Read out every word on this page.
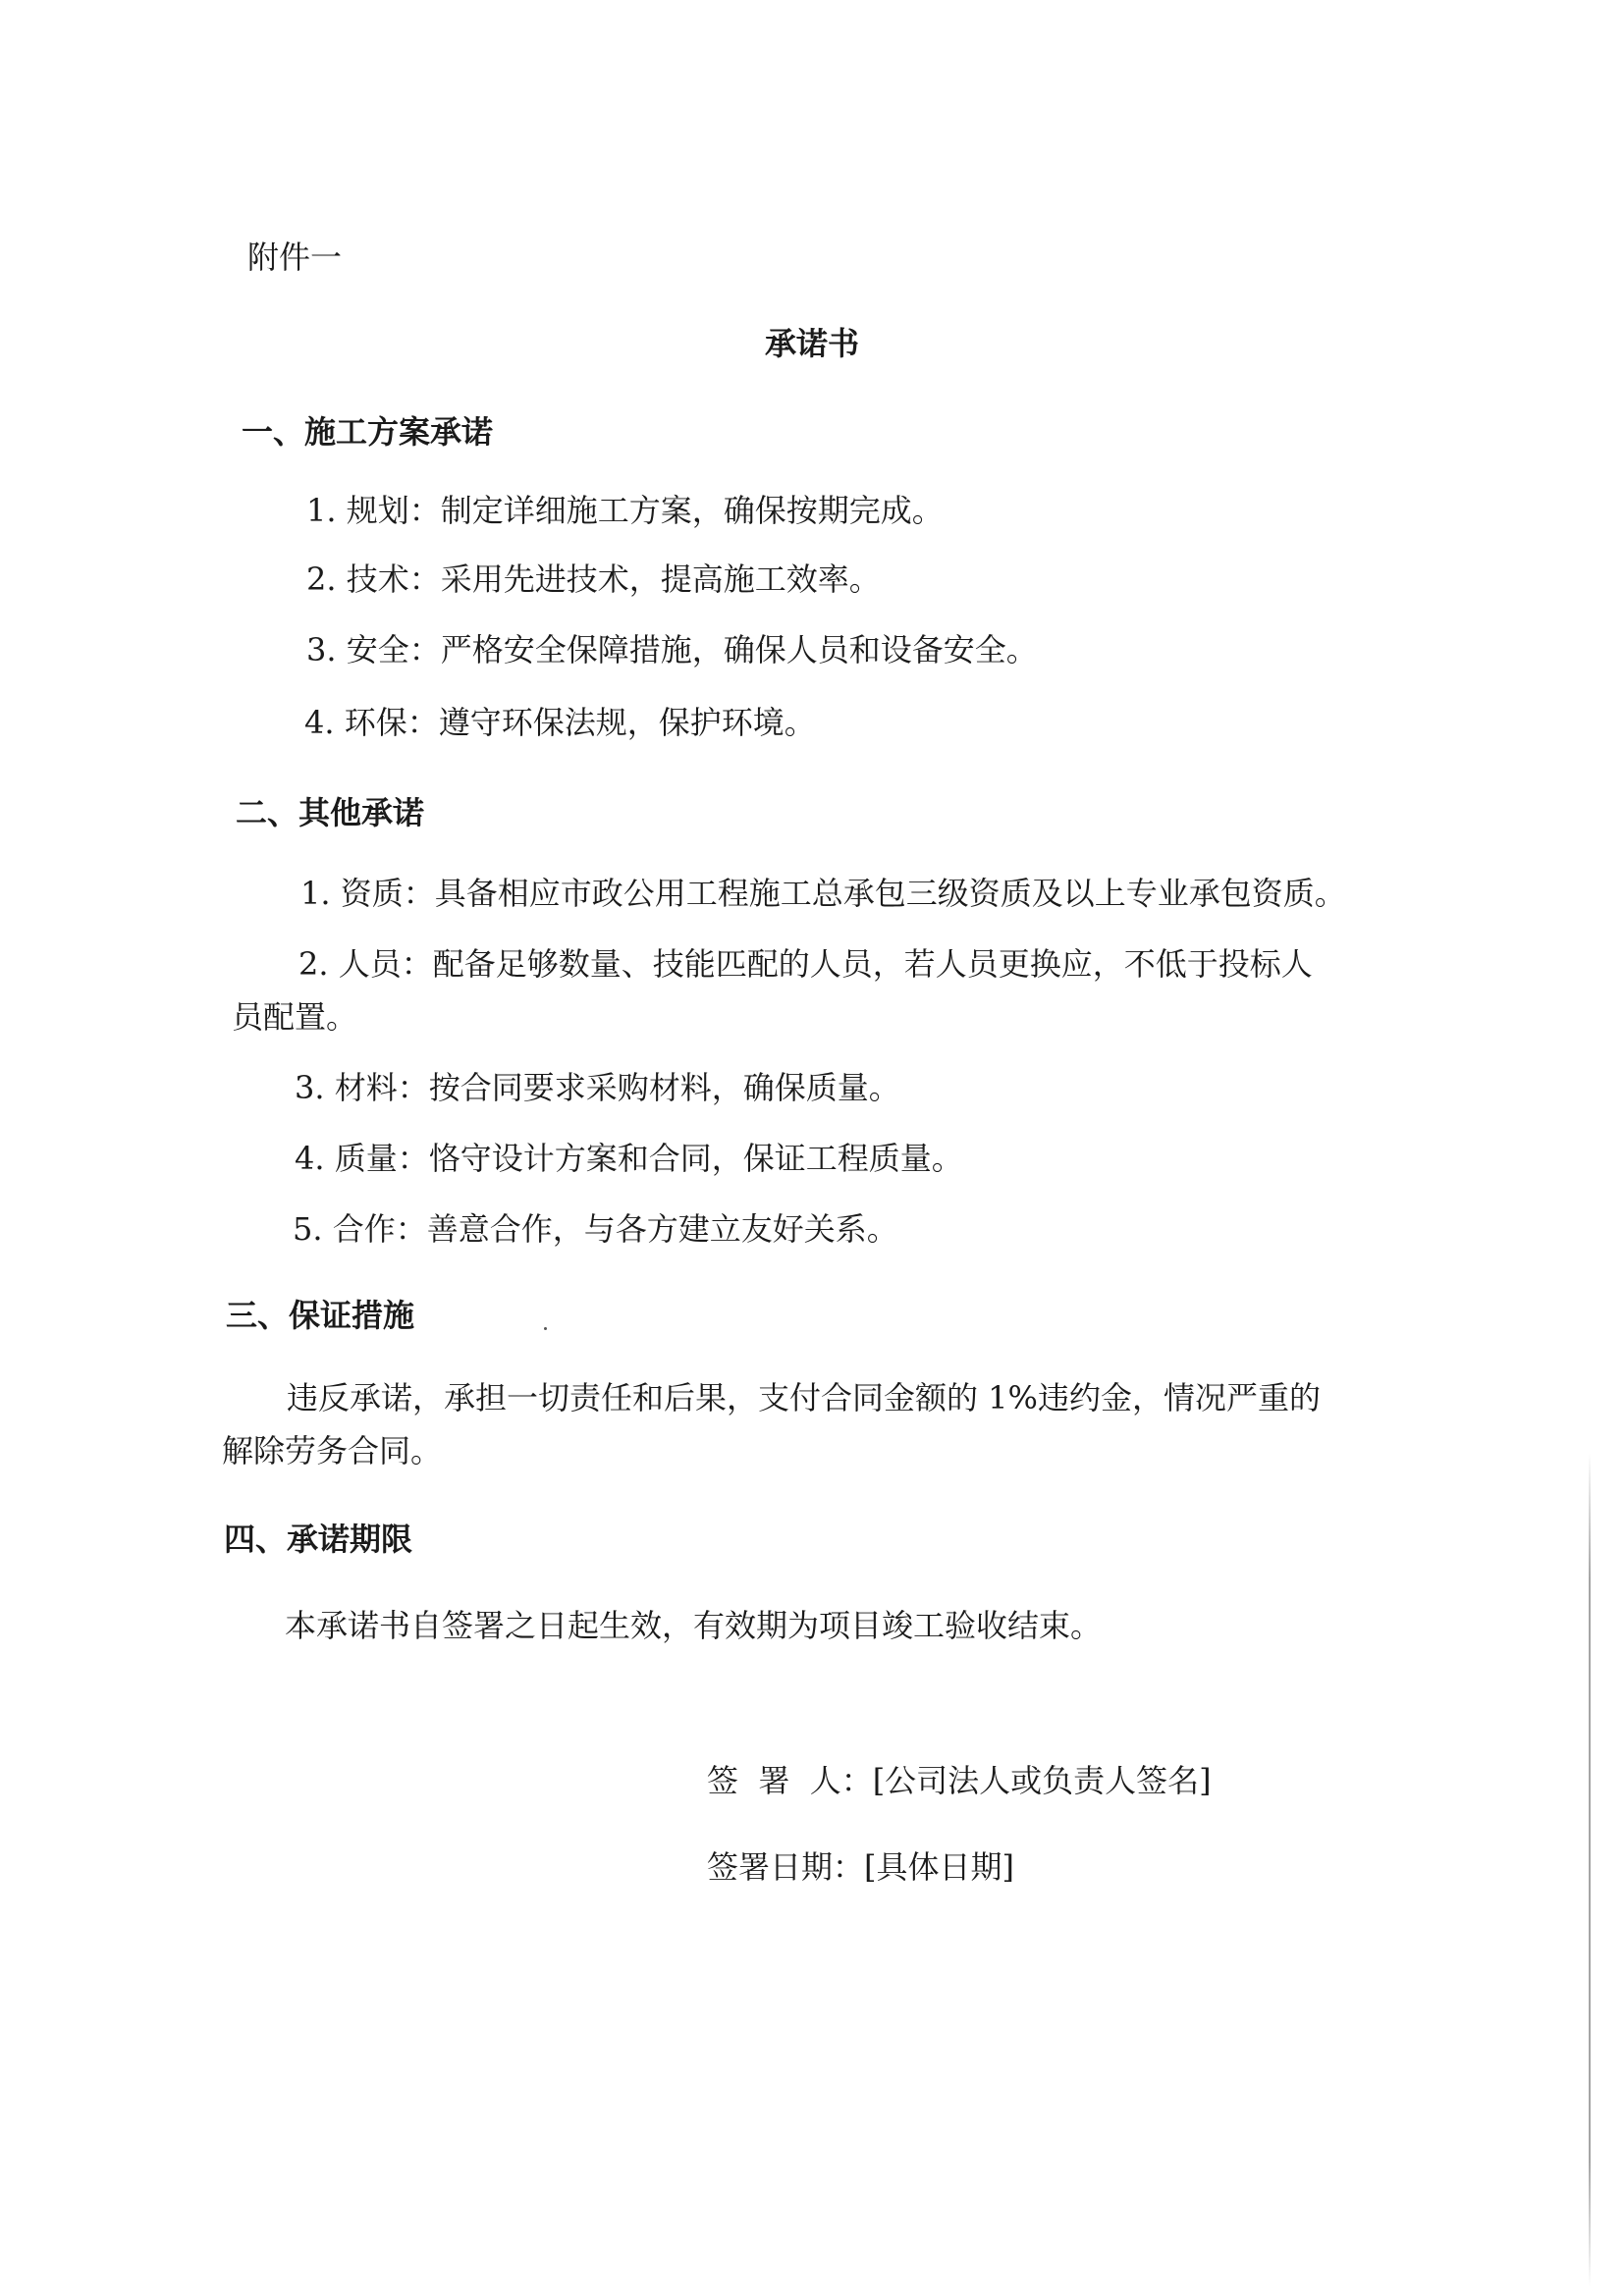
附件一
承诺书
一、施工方案承诺
1. 规划：制定详细施工方案，确保按期完成。
2. 技术：采用先进技术，提高施工效率。
3. 安全：严格安全保障措施，确保人员和设备安全。
4. 环保：遵守环保法规，保护环境。
二、其他承诺
1. 资质：具备相应市政公用工程施工总承包三级资质及以上专业承包资质。
2. 人员：配备足够数量、技能匹配的人员，若人员更换应，不低于投标人
员配置。
3. 材料：按合同要求采购材料，确保质量。
4. 质量：恪守设计方案和合同，保证工程质量。
5. 合作：善意合作，与各方建立友好关系。
三、保证措施
违反承诺，承担一切责任和后果，支付合同金额的 1%违约金，情况严重的
解除劳务合同。
四、承诺期限
本承诺书自签署之日起生效，有效期为项目竣工验收结束。
签  署  人：[公司法人或负责人签名]
签署日期：[具体日期]
